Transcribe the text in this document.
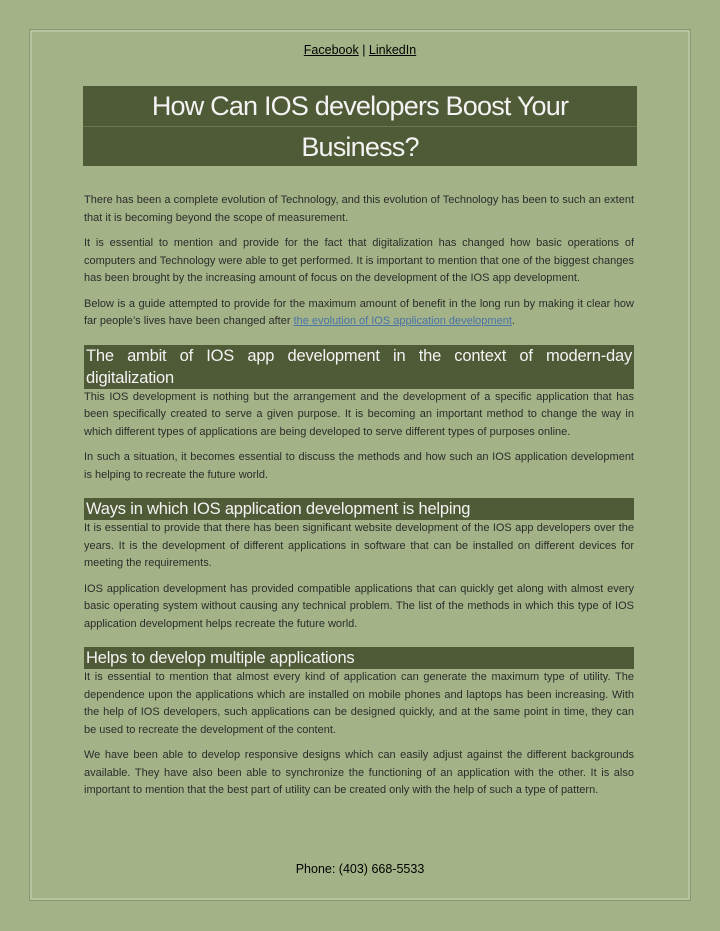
Facebook | LinkedIn
How Can IOS developers Boost Your
Business?

There has been a complete evolution of Technology, and this evolution of Technology has been to such an extent that it is becoming beyond the scope of measurement.

It is essential to mention and provide for the fact that digitalization has changed how basic operations of computers and Technology were able to get performed. It is important to mention that one of the biggest changes has been brought by the increasing amount of focus on the development of the IOS app development.

Below is a guide attempted to provide for the maximum amount of benefit in the long run by making it clear how far people’s lives have been changed after the evolution of IOS application development.

The ambit of IOS app development in the context of modern-day digitalization

This IOS development is nothing but the arrangement and the development of a specific application that has been specifically created to serve a given purpose. It is becoming an important method to change the way in which different types of applications are being developed to serve different types of purposes online.

In such a situation, it becomes essential to discuss the methods and how such an IOS application development is helping to recreate the future world.

Ways in which IOS application development is helping

It is essential to provide that there has been significant website development of the IOS app developers over the years. It is the development of different applications in software that can be installed on different devices for meeting the requirements.

IOS application development has provided compatible applications that can quickly get along with almost every basic operating system without causing any technical problem. The list of the methods in which this type of IOS application development helps recreate the future world.

Helps to develop multiple applications

It is essential to mention that almost every kind of application can generate the maximum type of utility. The dependence upon the applications which are installed on mobile phones and laptops has been increasing. With the help of IOS developers, such applications can be designed quickly, and at the same point in time, they can be used to recreate the development of the content.

We have been able to develop responsive designs which can easily adjust against the different backgrounds available. They have also been able to synchronize the functioning of an application with the other. It is also important to mention that the best part of utility can be created only with the help of such a type of pattern.

Phone: (403) 668-5533
